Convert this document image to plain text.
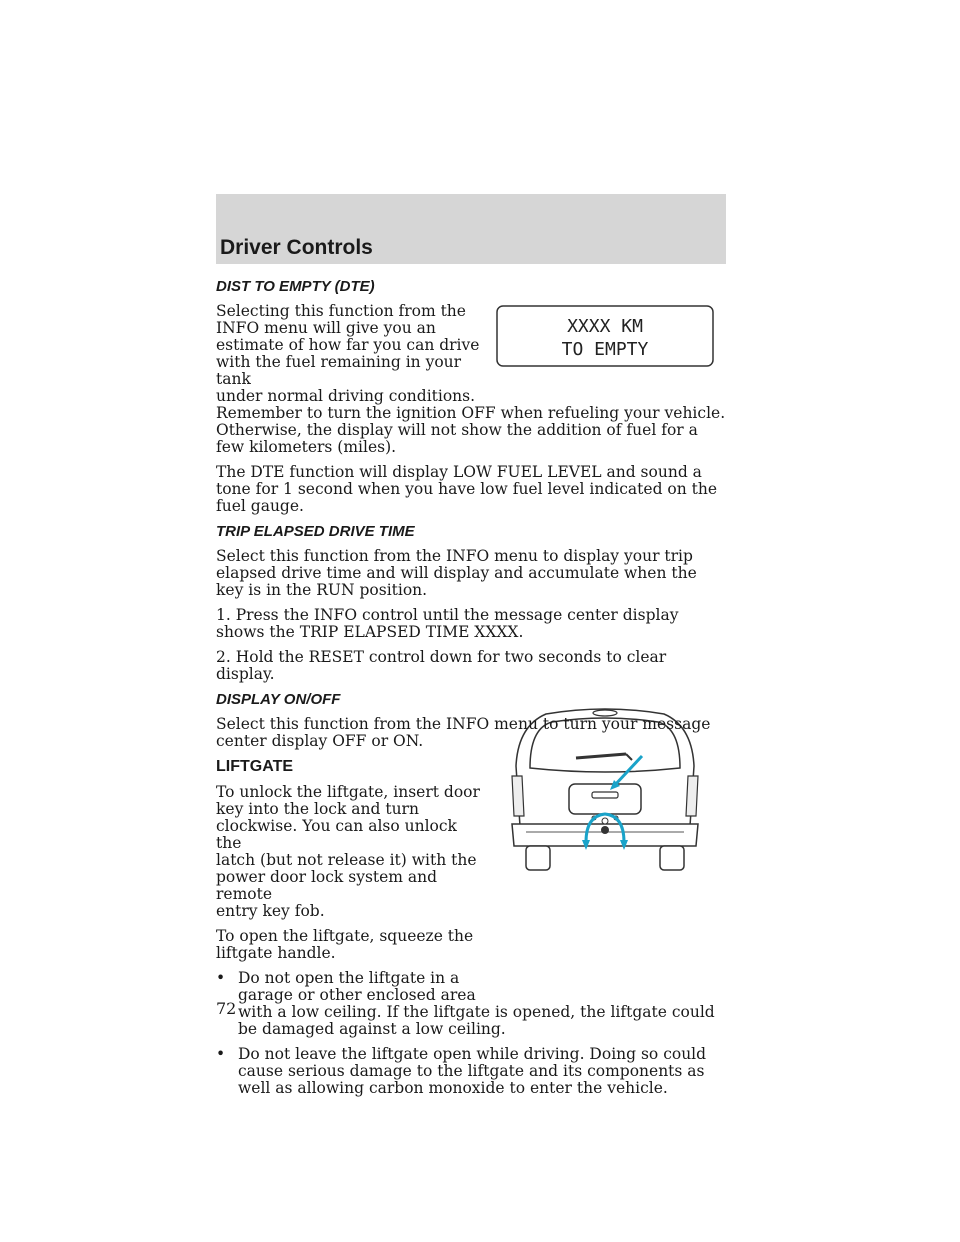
Driver Controls
XXXX KM
TO EMPTY
DIST TO EMPTY (DTE)

Selecting this function from the

INFO menu will give you an

estimate of how far you can drive

with the fuel remaining in your tank

under normal driving conditions.

Remember to turn the ignition OFF when refueling your vehicle. Otherwise, the display will not show the addition of fuel for a few kilometers (miles).

The DTE function will display LOW FUEL LEVEL and sound a tone for 1 second when you have low fuel level indicated on the fuel gauge.

TRIP ELAPSED DRIVE TIME

Select this function from the INFO menu to display your trip elapsed drive time and will display and accumulate when the key is in the RUN position.

1. Press the INFO control until the message center display shows the TRIP ELAPSED TIME XXXX.

2. Hold the RESET control down for two seconds to clear display.

DISPLAY ON/OFF

Select this function from the INFO menu to turn your message center display OFF or ON.

LIFTGATE

To unlock the liftgate, insert door

key into the lock and turn

clockwise. You can also unlock the

latch (but not release it) with the

power door lock system and remote

entry key fob.

To open the liftgate, squeeze the

liftgate handle.

• Do not open the liftgate in a
garage or other enclosed area
with a low ceiling. If the liftgate is opened, the liftgate could be damaged against a low ceiling.
• Do not leave the liftgate open while driving. Doing so could cause serious damage to the liftgate and its components as well as allowing carbon monoxide to enter the vehicle.

72
